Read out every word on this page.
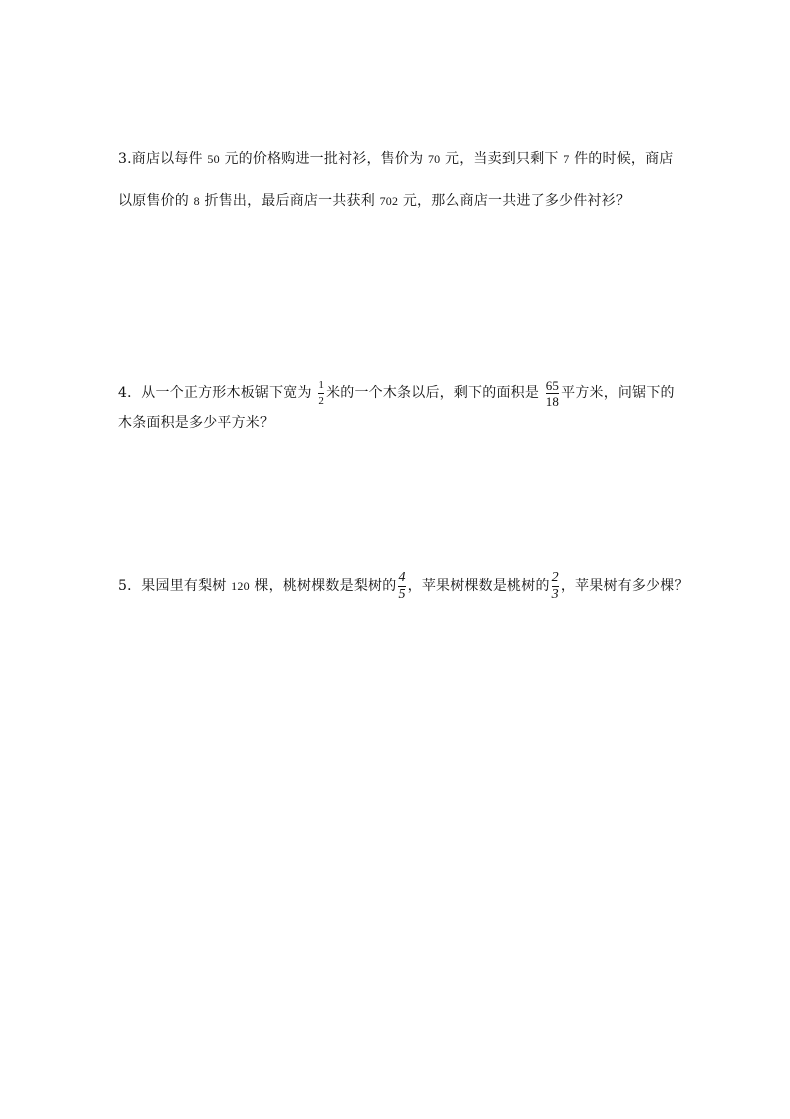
3.商店以每件 50 元的价格购进一批衬衫，售价为 70 元，当卖到只剩下 7 件的时候，商店
以原售价的 8 折售出，最后商店一共获利 702 元，那么商店一共进了多少件衬衫？
4．从一个正方形木板锯下宽为 $\frac{1}{2}$ 米的一个木条以后，剩下的面积是 $\frac{65}{18}$ 平方米，问锯下的
木条面积是多少平方米？
5．果园里有梨树 120 棵，桃树棵数是梨树的 $\frac{4}{5}$ ，苹果树棵数是桃树的 $\frac{2}{3}$ ，苹果树有多少棵？
